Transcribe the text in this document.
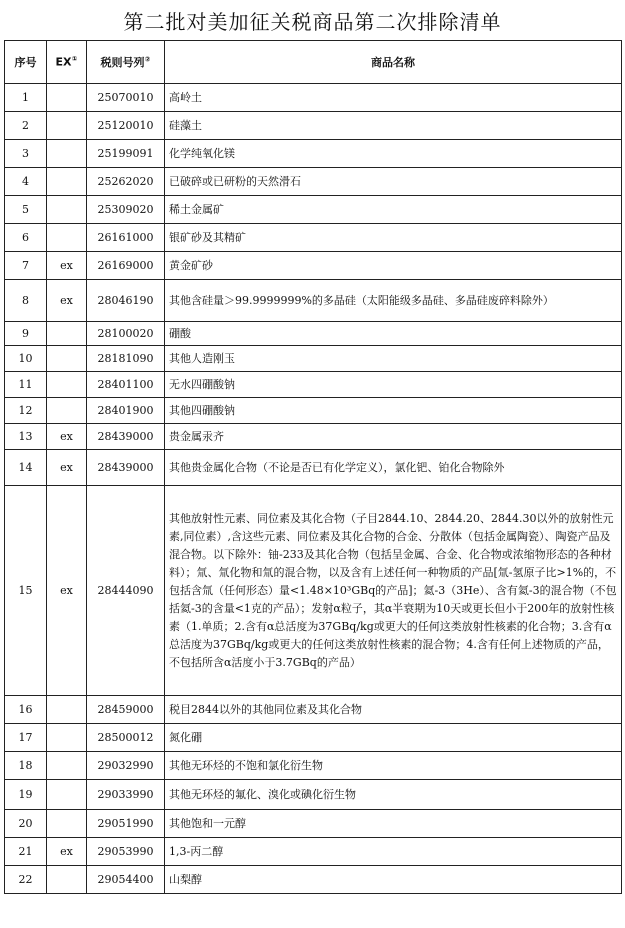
第二批对美加征关税商品第二次排除清单
序号	EX①	税则号列②	商品名称
1		25070010	高岭土
2		25120010	硅藻土
3		25199091	化学纯氧化镁
4		25262020	已破碎或已研粉的天然滑石
5		25309020	稀土金属矿
6		26161000	银矿砂及其精矿
7	ex	26169000	黄金矿砂
8	ex	28046190	其他含硅量＞99.9999999%的多晶硅（太阳能级多晶硅、多晶硅废碎料除外）
9		28100020	硼酸
10		28181090	其他人造刚玉
11		28401100	无水四硼酸钠
12		28401900	其他四硼酸钠
13	ex	28439000	贵金属汞齐
14	ex	28439000	其他贵金属化合物（不论是否已有化学定义），氯化钯、铂化合物除外
15	ex	28444090	其他放射性元素、同位素及其化合物（子目2844.10、2844.20、2844.30以外的放射性元素,同位素）,含这些元素、同位素及其化合物的合金、分散体（包括金属陶瓷）、陶瓷产品及混合物。以下除外：铀-233及其化合物（包括呈金属、合金、化合物或浓缩物形态的各种材料）；氚、氚化物和氚的混合物，以及含有上述任何一种物质的产品[氚-氢原子比>1%的，不包括含氚（任何形态）量<1.48×10³GBq的产品]；氦-3（3He）、含有氦-3的混合物（不包括氦-3的含量<1克的产品）；发射α粒子，其α半衰期为10天或更长但小于200年的放射性核素（1.单质；2.含有α总活度为37GBq/kg或更大的任何这类放射性核素的化合物；3.含有α总活度为37GBq/kg或更大的任何这类放射性核素的混合物；4.含有任何上述物质的产品，不包括所含α活度小于3.7GBq的产品）
16		28459000	税目2844以外的其他同位素及其化合物
17		28500012	氮化硼
18		29032990	其他无环烃的不饱和氯化衍生物
19		29033990	其他无环烃的氟化、溴化或碘化衍生物
20		29051990	其他饱和一元醇
21	ex	29053990	1,3-丙二醇
22		29054400	山梨醇
